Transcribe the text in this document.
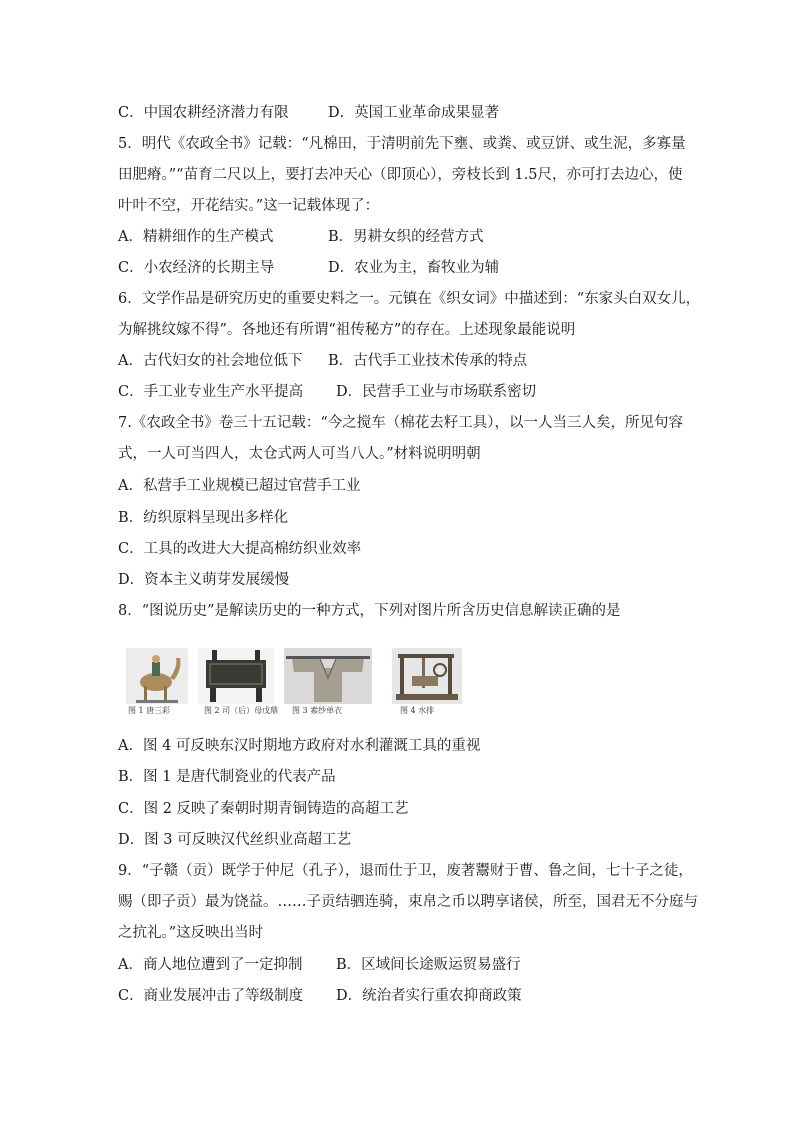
C．中国农耕经济潜力有限	D．英国工业革命成果显著
5．明代《农政全书》记载：“凡棉田，于清明前先下壅、或粪、或豆饼、或生泥，多寡量
田肥瘠。”“苗育二尺以上，要打去冲天心（即顶心），旁枝长到 1.5尺，亦可打去边心，使
叶叶不空，开花结实。”这一记载体现了：
A．精耕细作的生产模式	B．男耕女织的经营方式
C．小农经济的长期主导	D．农业为主，畜牧业为辅
6．文学作品是研究历史的重要史料之一。元镇在《织女词》中描述到：“东家头白双女儿，
为解挑纹嫁不得”。各地还有所谓“祖传秘方”的存在。上述现象最能说明
A．古代妇女的社会地位低下 B．古代手工业技术传承的特点
C．手工业专业生产水平提高 D．民营手工业与市场联系密切
7.《农政全书》卷三十五记载：“今之搅车（棉花去籽工具），以一人当三人矣，所见句容
式，一人可当四人，太仓式两人可当八人。”材料说明明朝
A．私营手工业规模已超过官营手工业
B．纺织原料呈现出多样化
C．工具的改进大大提高棉纺织业效率
D．资本主义萌芽发展缓慢
8．“图说历史”是解读历史的一种方式，下列对图片所含历史信息解读正确的是
图 1 唐三彩	图 2 司（后）母戊鼎 图 3 素纱单衣	图 4 水排
A．图 4 可反映东汉时期地方政府对水利灌溉工具的重视
B．图 1 是唐代制瓷业的代表产品
C．图 2 反映了秦朝时期青铜铸造的高超工艺
D．图 3 可反映汉代丝织业高超工艺
9．“子赣（贡）既学于仲尼（孔子），退而仕于卫，废著鬻财于曹、鲁之间，七十子之徒，
赐（即子贡）最为饶益。……子贡结驷连骑，束帛之币以聘享诸侯，所至，国君无不分庭与
之抗礼。”这反映出当时
A．商人地位遭到了一定抑制 B．区域间长途贩运贸易盛行
C．商业发展冲击了等级制度 D．统治者实行重农抑商政策
